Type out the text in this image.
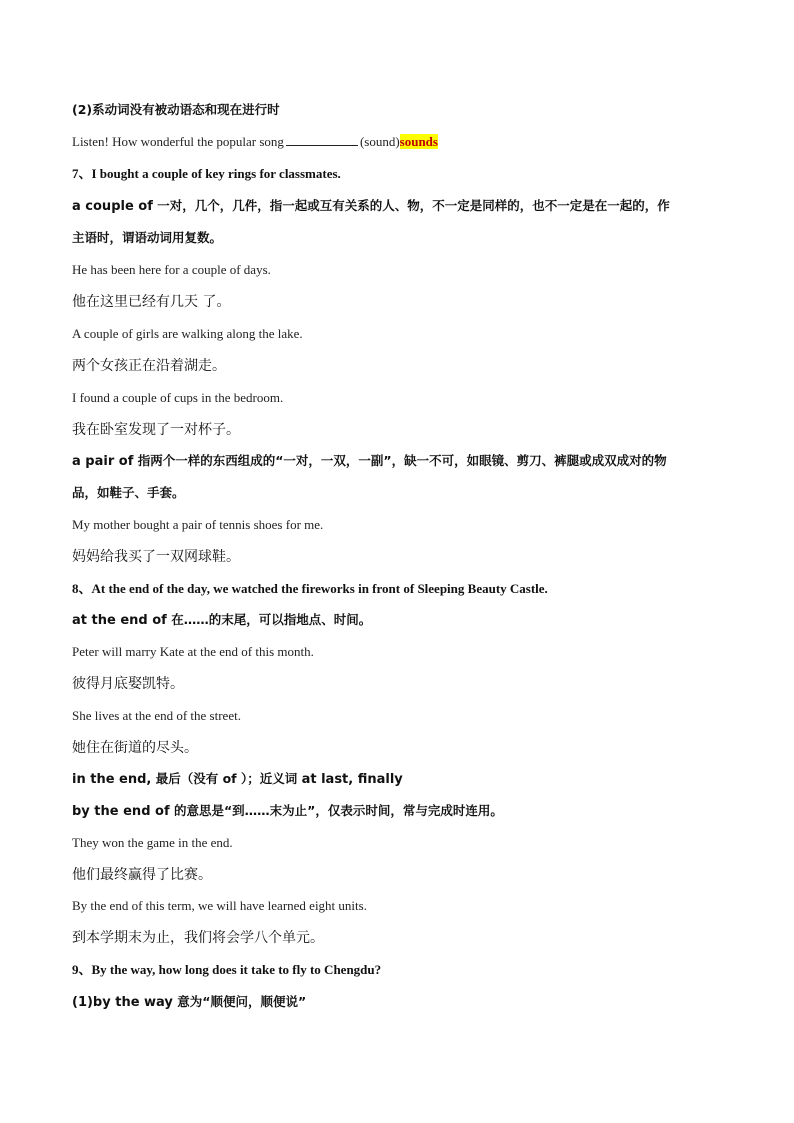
(2)系动词没有被动语态和现在进行时
Listen! How wonderful the popular song	(sound)sounds
7、I bought a couple of key rings for classmates.
a couple of 一对，几个，几件，指一起或互有关系的人、物，不一定是同样的，也不一定是在一起的，作
主语时，谓语动词用复数。
He has been here for a couple of days.
他在这里已经有几天 了。
A couple of girls are walking along the lake.
两个女孩正在沿着湖走。
I found a couple of cups in the bedroom.
我在卧室发现了一对杯子。
a pair of 指两个一样的东西组成的“一对，一双，一副”，缺一不可，如眼镜、剪刀、裤腿或成双成对的物
品，如鞋子、手套。
My mother bought a pair of tennis shoes for me.
妈妈给我买了一双网球鞋。
8、At the end of the day, we watched the fireworks in front of Sleeping Beauty Castle.
at the end of 在……的末尾，可以指地点、时间。
Peter will marry Kate at the end of this month.
彼得月底娶凯特。
She lives at the end of the street.
她住在街道的尽头。
in the end, 最后（没有 of ）；近义词 at last, finally
by the end of 的意思是“到……末为止”，仅表示时间，常与完成时连用。
They won the game in the end.
他们最终赢得了比赛。
By the end of this term, we will have learned eight units.
到本学期末为止，我们将会学八个单元。
9、By the way, how long does it take to fly to Chengdu?
(1)by the way 意为“顺便问，顺便说”
